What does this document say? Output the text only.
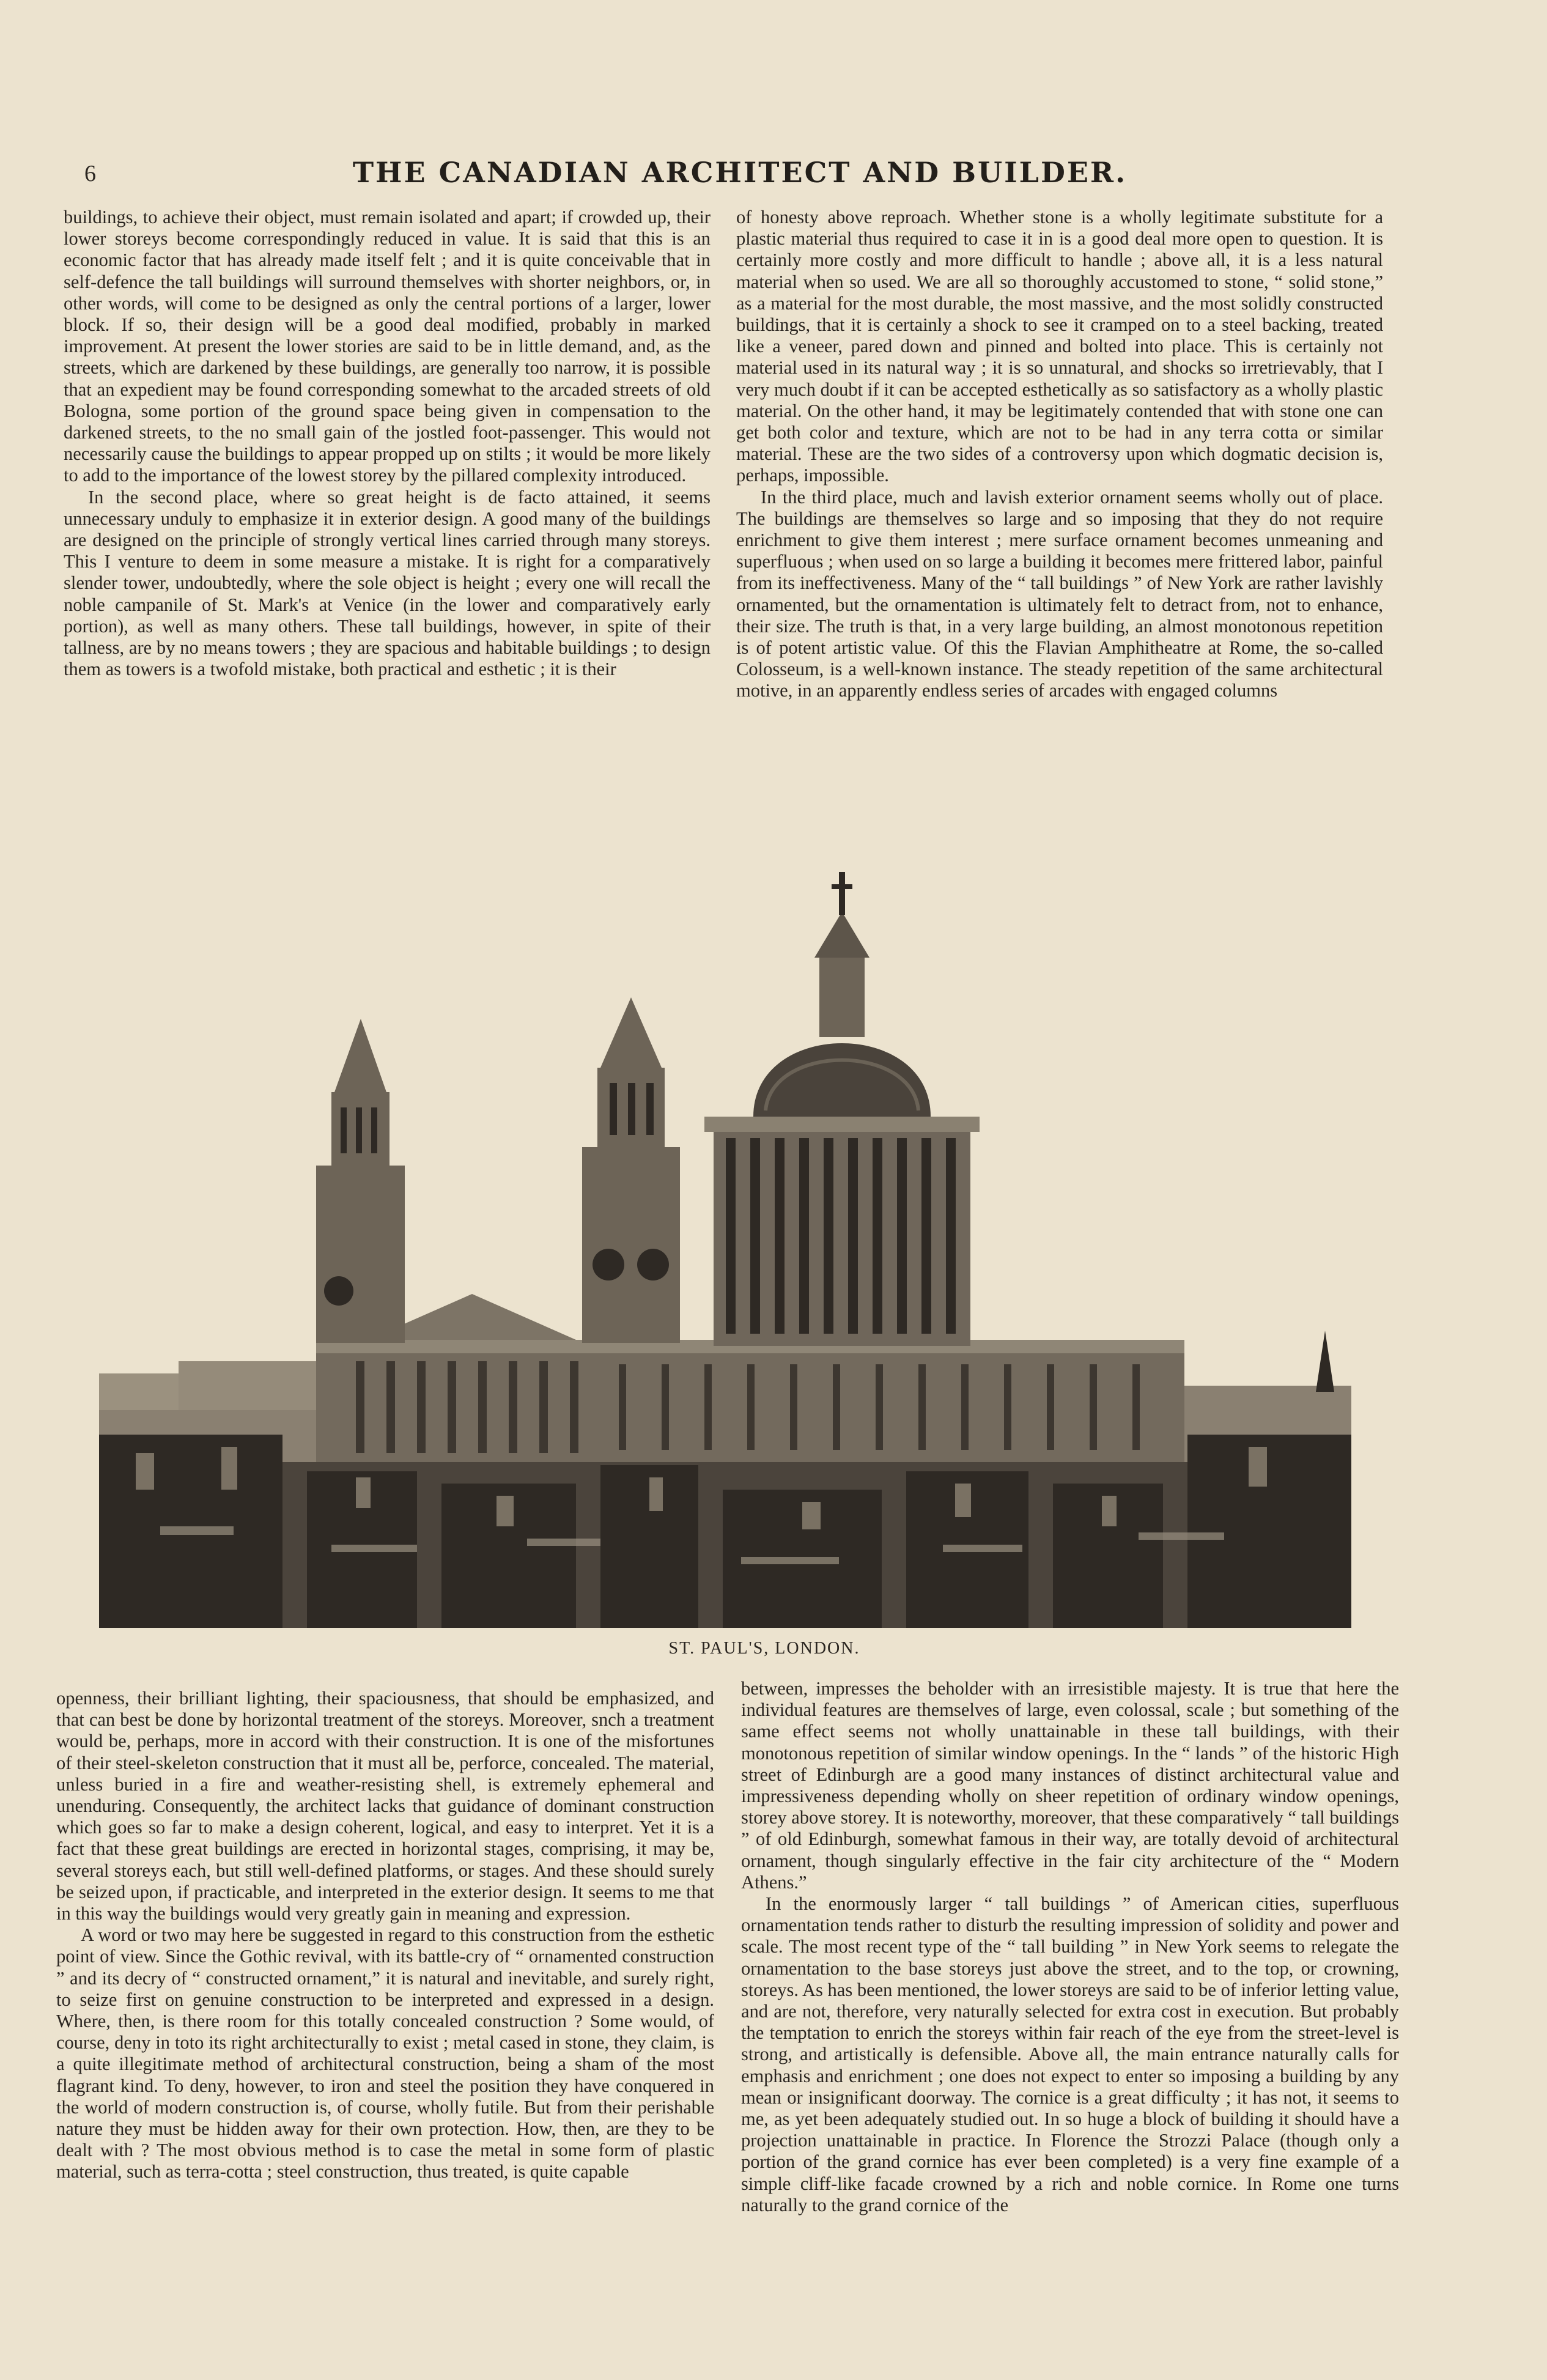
6	THE CANADIAN ARCHITECT AND BUILDER.

buildings, to achieve their object, must remain isolated and apart; if crowded up, their lower storeys become correspondingly reduced in value. It is said that this is an economic factor that has already made itself felt ; and it is quite conceivable that in self-defence the tall buildings will surround themselves with shorter neighbors, or, in other words, will come to be designed as only the central portions of a larger, lower block. If so, their design will be a good deal modified, probably in marked improvement. At present the lower stories are said to be in little demand, and, as the streets, which are darkened by these buildings, are generally too narrow, it is possible that an expedient may be found corresponding somewhat to the arcaded streets of old Bologna, some portion of the ground space being given in compensation to the darkened streets, to the no small gain of the jostled foot-passenger. This would not necessarily cause the buildings to appear propped up on stilts ; it would be more likely to add to the importance of the lowest storey by the pillared complexity introduced.

In the second place, where so great height is de facto attained, it seems unnecessary unduly to emphasize it in exterior design. A good many of the buildings are designed on the principle of strongly vertical lines carried through many storeys. This I venture to deem in some measure a mistake. It is right for a comparatively slender tower, undoubtedly, where the sole object is height ; every one will recall the noble campanile of St. Mark's at Venice (in the lower and comparatively early portion), as well as many others. These tall buildings, however, in spite of their tallness, are by no means towers ; they are spacious and habitable buildings ; to design them as towers is a twofold mistake, both practical and esthetic ; it is their

of honesty above reproach. Whether stone is a wholly legitimate substitute for a plastic material thus required to case it in is a good deal more open to question. It is certainly more costly and more difficult to handle ; above all, it is a less natural material when so used. We are all so thoroughly accustomed to stone, “ solid stone,” as a material for the most durable, the most massive, and the most solidly constructed buildings, that it is certainly a shock to see it cramped on to a steel backing, treated like a veneer, pared down and pinned and bolted into place. This is certainly not material used in its natural way ; it is so unnatural, and shocks so irretrievably, that I very much doubt if it can be accepted esthetically as so satisfactory as a wholly plastic material. On the other hand, it may be legitimately contended that with stone one can get both color and texture, which are not to be had in any terra cotta or similar material. These are the two sides of a controversy upon which dogmatic decision is, perhaps, impossible.

In the third place, much and lavish exterior ornament seems wholly out of place. The buildings are themselves so large and so imposing that they do not require enrichment to give them interest ; mere surface ornament becomes unmeaning and superfluous ; when used on so large a building it becomes mere frittered labor, painful from its ineffectiveness. Many of the “ tall buildings ” of New York are rather lavishly ornamented, but the ornamentation is ultimately felt to detract from, not to enhance, their size. The truth is that, in a very large building, an almost monotonous repetition is of potent artistic value. Of this the Flavian Amphitheatre at Rome, the so-called Colosseum, is a well-known instance. The steady repetition of the same architectural motive, in an apparently endless series of arcades with engaged columns

ST. PAUL'S, LONDON.

openness, their brilliant lighting, their spaciousness, that should be emphasized, and that can best be done by horizontal treatment of the storeys. Moreover, snch a treatment would be, perhaps, more in accord with their construction. It is one of the misfortunes of their steel-skeleton construction that it must all be, perforce, concealed. The material, unless buried in a fire and weather-resisting shell, is extremely ephemeral and unenduring. Consequently, the architect lacks that guidance of dominant construction which goes so far to make a design coherent, logical, and easy to interpret. Yet it is a fact that these great buildings are erected in horizontal stages, comprising, it may be, several storeys each, but still well-defined platforms, or stages. And these should surely be seized upon, if practicable, and interpreted in the exterior design. It seems to me that in this way the buildings would very greatly gain in meaning and expression.

A word or two may here be suggested in regard to this construction from the esthetic point of view. Since the Gothic revival, with its battle-cry of “ ornamented construction ” and its decry of “ constructed ornament,” it is natural and inevitable, and surely right, to seize first on genuine construction to be interpreted and expressed in a design. Where, then, is there room for this totally concealed construction ? Some would, of course, deny in toto its right architecturally to exist ; metal cased in stone, they claim, is a quite illegitimate method of architectural construction, being a sham of the most flagrant kind. To deny, however, to iron and steel the position they have conquered in the world of modern construction is, of course, wholly futile. But from their perishable nature they must be hidden away for their own protection. How, then, are they to be dealt with ? The most obvious method is to case the metal in some form of plastic material, such as terra-cotta ; steel construction, thus treated, is quite capable

between, impresses the beholder with an irresistible majesty. It is true that here the individual features are themselves of large, even colossal, scale ; but something of the same effect seems not wholly unattainable in these tall buildings, with their monotonous repetition of similar window openings. In the “ lands ” of the historic High street of Edinburgh are a good many instances of distinct architectural value and impressiveness depending wholly on sheer repetition of ordinary window openings, storey above storey. It is noteworthy, moreover, that these comparatively “ tall buildings ” of old Edinburgh, somewhat famous in their way, are totally devoid of architectural ornament, though singularly effective in the fair city architecture of the “ Modern Athens.”

In the enormously larger “ tall buildings ” of American cities, superfluous ornamentation tends rather to disturb the resulting impression of solidity and power and scale. The most recent type of the “ tall building ” in New York seems to relegate the ornamentation to the base storeys just above the street, and to the top, or crowning, storeys. As has been mentioned, the lower storeys are said to be of inferior letting value, and are not, therefore, very naturally selected for extra cost in execution. But probably the temptation to enrich the storeys within fair reach of the eye from the street-level is strong, and artistically is defensible. Above all, the main entrance naturally calls for emphasis and enrichment ; one does not expect to enter so imposing a building by any mean or insignificant doorway. The cornice is a great difficulty ; it has not, it seems to me, as yet been adequately studied out. In so huge a block of building it should have a projection unattainable in practice. In Florence the Strozzi Palace (though only a portion of the grand cornice has ever been completed) is a very fine example of a simple cliff-like facade crowned by a rich and noble cornice. In Rome one turns naturally to the grand cornice of the
